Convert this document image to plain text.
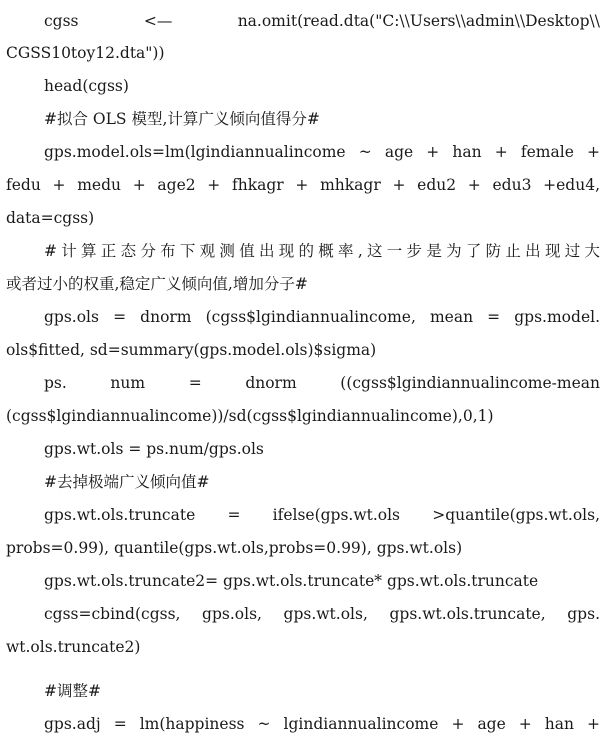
cgss <— na.omit(read.dta("C:\\Users\\admin\\Desktop\\
CGSS10toy12.dta"))
head(cgss)
#拟合 OLS 模型,计算广义倾向值得分#
gps.model.ols=lm(lgindiannualincome ~ age + han + female +
fedu + medu + age2 + fhkagr + mhkagr + edu2 + edu3 +edu4,
data=cgss)
#计算正态分布下观测值出现的概率,这一步是为了防止出现过大
或者过小的权重,稳定广义倾向值,增加分子#
gps.ols = dnorm (cgss$lgindiannualincome, mean = gps.model.
ols$fitted, sd=summary(gps.model.ols)$sigma)
ps. num = dnorm ((cgss$lgindiannualincome-mean
(cgss$lgindiannualincome))/sd(cgss$lgindiannualincome),0,1)
gps.wt.ols = ps.num/gps.ols
#去掉极端广义倾向值#
gps.wt.ols.truncate = ifelse(gps.wt.ols >quantile(gps.wt.ols,
probs=0.99), quantile(gps.wt.ols,probs=0.99), gps.wt.ols)
gps.wt.ols.truncate2= gps.wt.ols.truncate* gps.wt.ols.truncate
cgss=cbind(cgss, gps.ols, gps.wt.ols, gps.wt.ols.truncate, gps.
wt.ols.truncate2)
#调整#
gps.adj = lm(happiness ~ lgindiannualincome + age + han +
